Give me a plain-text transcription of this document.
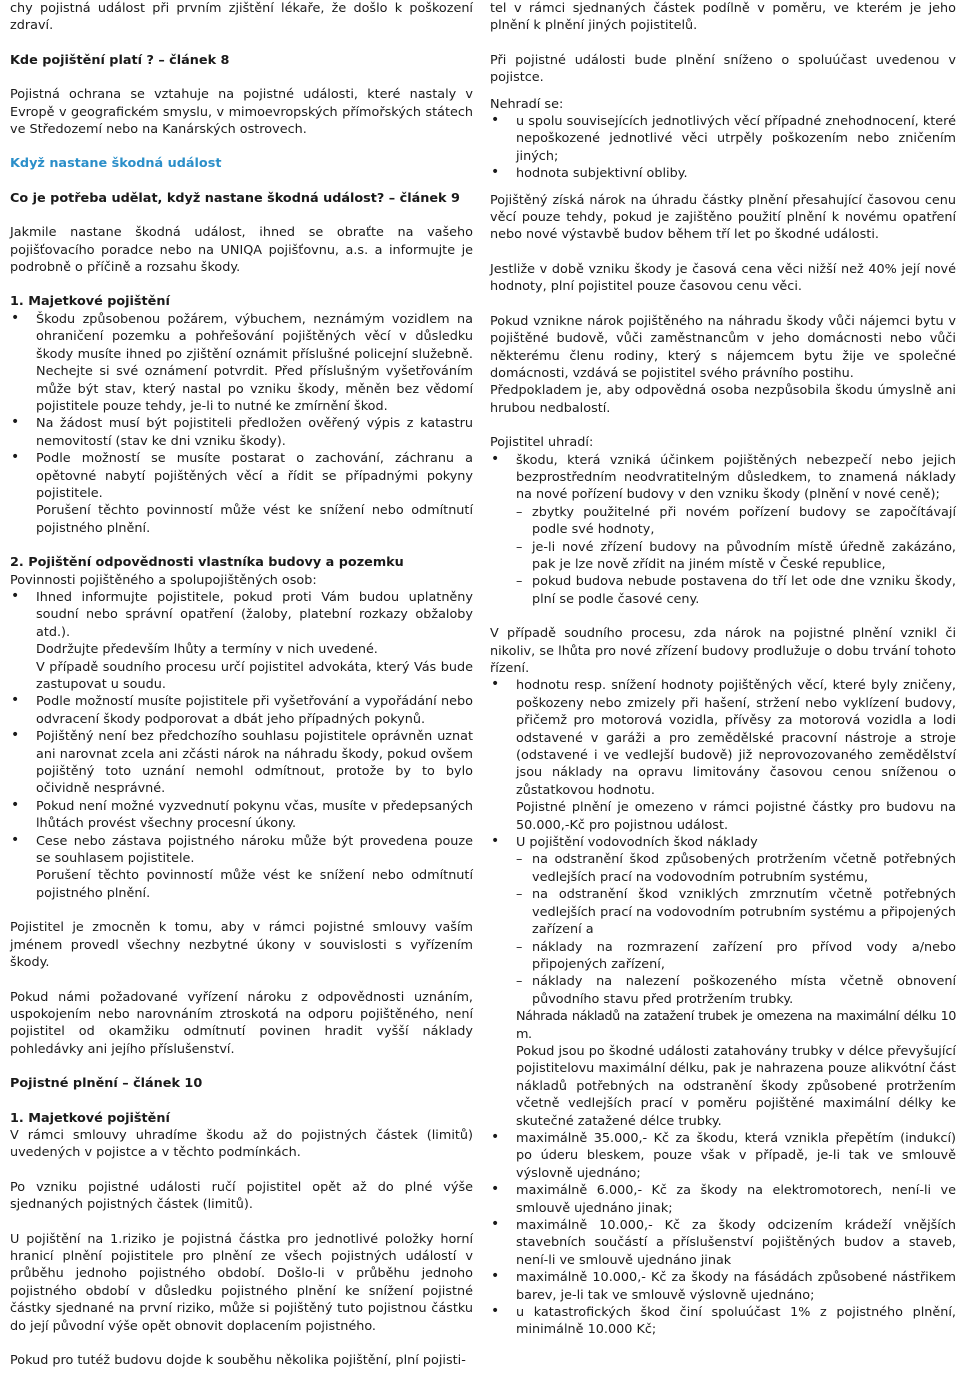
chy pojistná událost při prvním zjištění lékaře, že došlo k poškození zdraví.

Kde pojištění platí ? – článek 8

Pojistná ochrana se vztahuje na pojistné události, které nastaly v Evropě v geografickém smyslu, v mimoevropských přímořských státech ve Středozemí nebo na Kanárských ostrovech.

Když nastane škodná událost

Co je potřeba udělat, když nastane škodná událost? – článek 9

Jakmile nastane škodná událost, ihned se obraťte na vašeho pojišťovacího poradce nebo na UNIQA pojišťovnu, a.s. a informujte je podrobně o příčině a rozsahu škody.

1. Majetkové pojištění

• Škodu způsobenou požárem, výbuchem, neznámým vozidlem na ohraničení pozemku a pohřešování pojištěných věcí v důsledku škody musíte ihned po zjištění oznámit příslušné policejní služebně. Nechejte si své oznámení potvrdit. Před příslušným vyšetřováním může být stav, který nastal po vzniku škody, měněn bez vědomí pojistitele pouze tehdy, je-li to nutné ke zmírnění škod.
• Na žádost musí být pojistiteli předložen ověřený výpis z katastru nemovitostí (stav ke dni vzniku škody).
• Podle možností se musíte postarat o zachování, záchranu a opětovné nabytí pojištěných věcí a řídit se případnými pokyny pojistitele.

Porušení těchto povinností může vést ke snížení nebo odmítnutí pojistného plnění.

2. Pojištění odpovědnosti vlastníka budovy a pozemku

Povinnosti pojištěného a spolupojištěných osob:

• Ihned informujte pojistitele, pokud proti Vám budou uplatněny soudní nebo správní opatření (žaloby, platební rozkazy obžaloby atd.).

Dodržujte především lhůty a termíny v nich uvedené.

V případě soudního procesu určí pojistitel advokáta, který Vás bude zastupovat u soudu.

• Podle možností musíte pojistitele při vyšetřování a vypořádání nebo odvracení škody podporovat a dbát jeho případných pokynů.
• Pojištěný není bez předchozího souhlasu pojistitele oprávněn uznat ani narovnat zcela ani zčásti nárok na náhradu škody, pokud ovšem pojištěný toto uznání nemohl odmítnout, protože by to bylo očividně nesprávné.
• Pokud není možné vyzvednutí pokynu včas, musíte v předepsaných lhůtách provést všechny procesní úkony.
• Cese nebo zástava pojistného nároku může být provedena pouze se souhlasem pojistitele.

Porušení těchto povinností může vést ke snížení nebo odmítnutí pojistného plnění.

Pojistitel je zmocněn k tomu, aby v rámci pojistné smlouvy vaším jménem provedl všechny nezbytné úkony v souvislosti s vyřízením škody.

Pokud námi požadované vyřízení nároku z odpovědnosti uznáním, uspokojením nebo narovnáním ztroskotá na odporu pojištěného, není pojistitel od okamžiku odmítnutí povinen hradit vyšší náklady pohledávky ani jejího příslušenství.

Pojistné plnění – článek 10

1. Majetkové pojištění

V rámci smlouvy uhradíme škodu až do pojistných částek (limitů) uvedených v pojistce a v těchto podmínkách.

Po vzniku pojistné události ručí pojistitel opět až do plné výše sjednaných pojistných částek (limitů).

U pojištění na 1.riziko je pojistná částka pro jednotlivé položky horní hranicí plnění pojistitele pro plnění ze všech pojistných událostí v průběhu jednoho pojistného období. Došlo-li v průběhu jednoho pojistného období v důsledku pojistného plnění ke snížení pojistné částky sjednané na první riziko, může si pojištěný tuto pojistnou částku do její původní výše opět obnovit doplacením pojistného.

Pokud pro tutéž budovu dojde k souběhu několika pojištění, plní pojisti-

tel v rámci sjednaných částek podílně v poměru, ve kterém je jeho plnění k plnění jiných pojistitelů.

Při pojistné události bude plnění sníženo o spoluúčast uvedenou v pojistce.

Nehradí se:

• u spolu souvisejících jednotlivých věcí případné znehodnocení, které nepoškozené jednotlivé věci utrpěly poškozením nebo zničením jiných;
• hodnota subjektivní obliby.

Pojištěný získá nárok na úhradu částky plnění přesahující časovou cenu věcí pouze tehdy, pokud je zajištěno použití plnění k novému opatření nebo nové výstavbě budov během tří let po škodné události.

Jestliže v době vzniku škody je časová cena věci nižší než 40% její nové hodnoty, plní pojistitel pouze časovou cenu věci.

Pokud vznikne nárok pojištěného na náhradu škody vůči nájemci bytu v pojištěné budově, vůči zaměstnancům v jeho domácnosti nebo vůči některému členu rodiny, který s nájemcem bytu žije ve společné domácnosti, vzdává se pojistitel svého právního postihu.

Předpokladem je, aby odpovědná osoba nezpůsobila škodu úmyslně ani hrubou nedbalostí.

Pojistitel uhradí:

• škodu, která vzniká účinkem pojištěných nebezpečí nebo jejich bezprostředním neodvratitelným důsledkem, to znamená náklady na nové pořízení budovy v den vzniku škody (plnění v nové ceně);
– zbytky použitelné při novém pořízení budovy se započítávají podle své hodnoty,
– je-li nové zřízení budovy na původním místě úředně zakázáno, pak je lze nově zřídit na jiném místě v České republice,
– pokud budova nebude postavena do tří let ode dne vzniku škody, plní se podle časové ceny.

V případě soudního procesu, zda nárok na pojistné plnění vznikl či nikoliv, se lhůta pro nové zřízení budovy prodlužuje o dobu trvání tohoto řízení.

• hodnotu resp. snížení hodnoty pojištěných věcí, které byly zničeny, poškozeny nebo zmizely při hašení, stržení nebo vyklízení budovy, přičemž pro motorová vozidla, přívěsy za motorová vozidla a lodi odstavené v garáži a pro zemědělské pracovní nástroje a stroje (odstavené i ve vedlejší budově) již neprovozovaného zemědělství jsou náklady na opravu limitovány časovou cenou sníženou o zůstatkovou hodnotu.

Pojistné plnění je omezeno v rámci pojistné částky pro budovu na 50.000,-Kč pro pojistnou událost.

• U pojištění vodovodních škod náklady
– na odstranění škod způsobených protržením včetně potřebných vedlejších prací na vodovodním potrubním systému,
– na odstranění škod vzniklých zmrznutím včetně potřebných vedlejších prací na vodovodním potrubním systému a připojených zařízení a
– náklady na rozmrazení zařízení pro přívod vody a/nebo připojených zařízení,
– náklady na nalezení poškozeného místa včetně obnovení původního stavu před protržením trubky.

Náhrada nákladů na zatažení trubek je omezena na maximální délku 10 m.

Pokud jsou po škodné události zatahovány trubky v délce převyšující pojistitelovu maximální délku, pak je nahrazena pouze alikvótní část nákladů potřebných na odstranění škody způsobené protržením včetně vedlejších prací v poměru pojištěné maximální délky ke skutečné zatažené délce trubky.

• maximálně 35.000,- Kč za škodu, která vznikla přepětím (indukcí) po úderu bleskem, pouze však v případě, je-li tak ve smlouvě výslovně ujednáno;
• maximálně 6.000,- Kč za škody na elektromotorech, není-li ve smlouvě ujednáno jinak;
• maximálně 10.000,- Kč za škody odcizením krádeží vnějších stavebních součástí a příslušenství pojištěných budov a staveb, není-li ve smlouvě ujednáno jinak
• maximálně 10.000,- Kč za škody na fásádách způsobené nástřikem barev, je-li tak ve smlouvě výslovně ujednáno;
• u katastrofických škod činí spoluúčast 1% z pojistného plnění, minimálně 10.000 Kč;
